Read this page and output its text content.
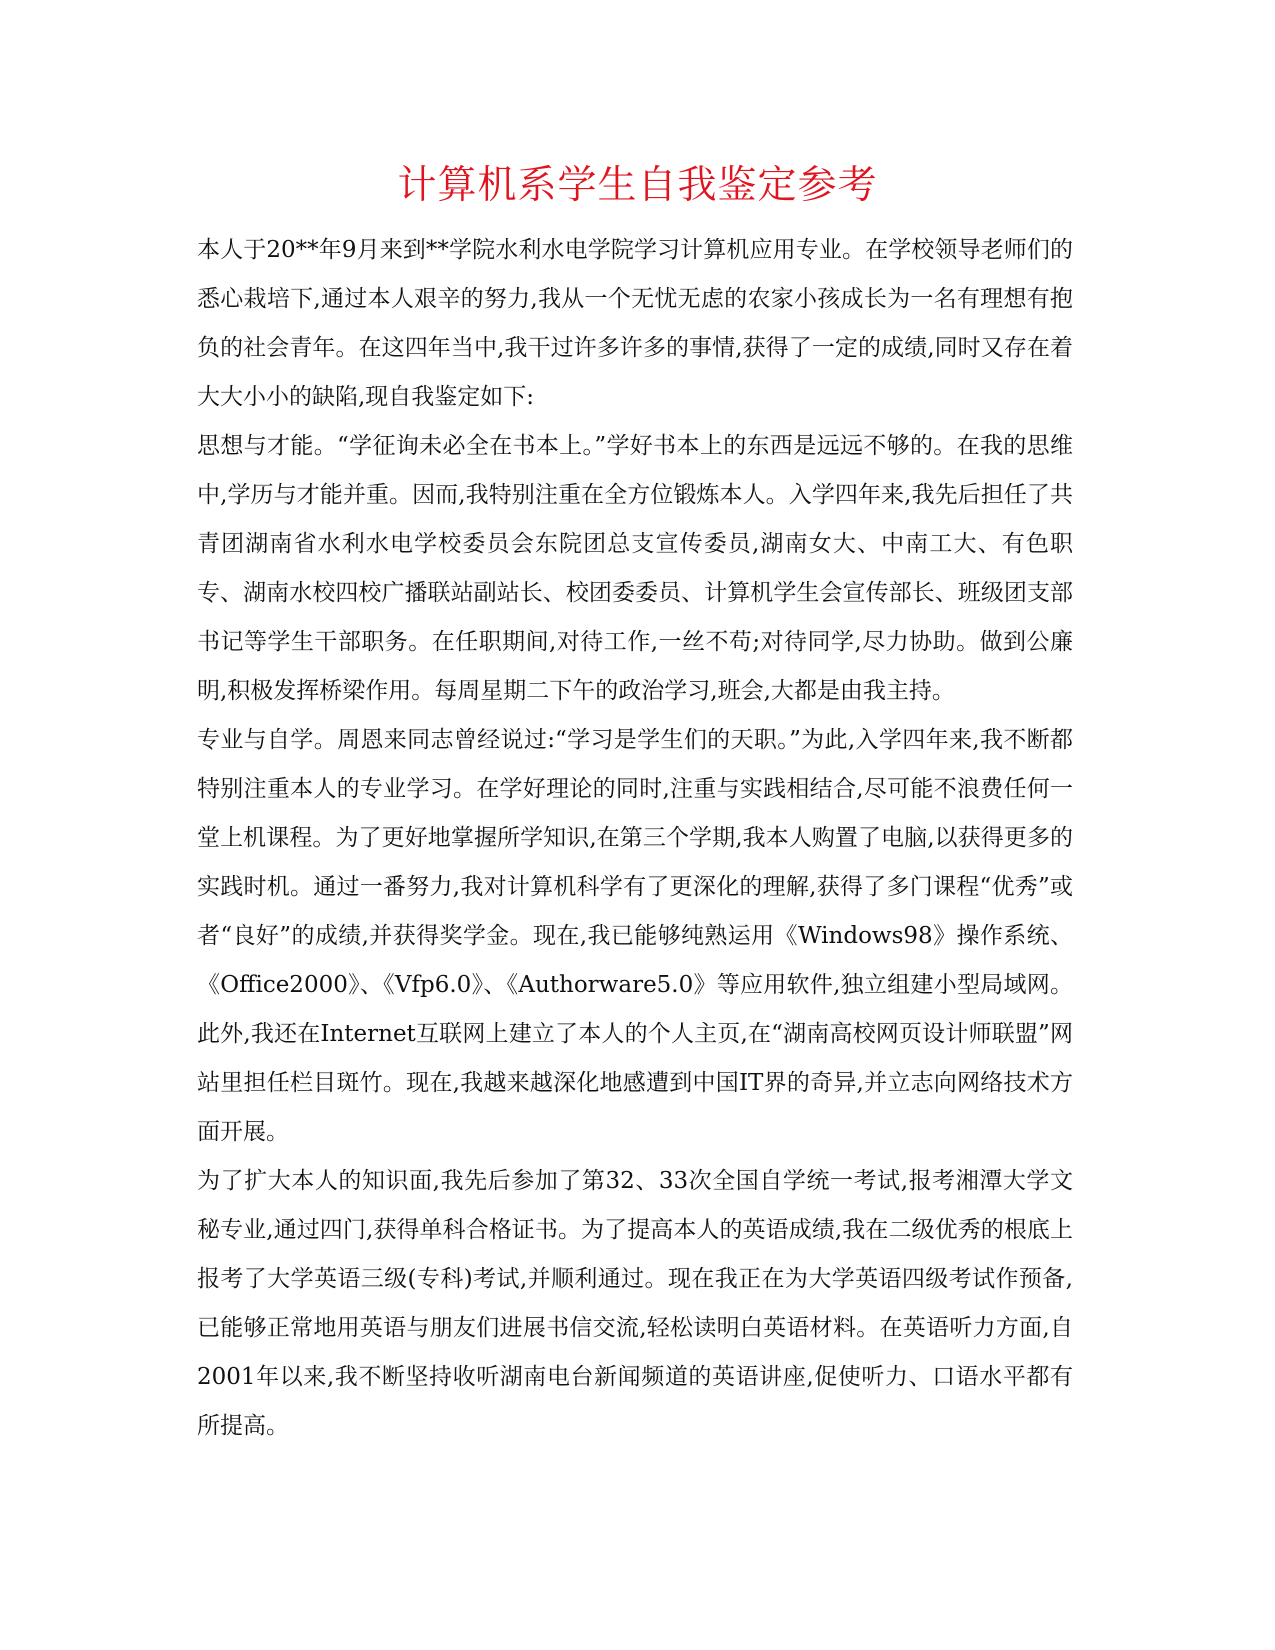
计算机系学生自我鉴定参考

本人于20**年9月来到**学院水利水电学院学习计算机应用专业。在学校领导老师们的悉心栽培下,通过本人艰辛的努力,我从一个无忧无虑的农家小孩成长为一名有理想有抱负的社会青年。在这四年当中,我干过许多许多的事情,获得了一定的成绩,同时又存在着大大小小的缺陷,现自我鉴定如下:

思想与才能。“学征询未必全在书本上。”学好书本上的东西是远远不够的。在我的思维中,学历与才能并重。因而,我特别注重在全方位锻炼本人。入学四年来,我先后担任了共青团湖南省水利水电学校委员会东院团总支宣传委员,湖南女大、中南工大、有色职专、湖南水校四校广播联站副站长、校团委委员、计算机学生会宣传部长、班级团支部书记等学生干部职务。在任职期间,对待工作,一丝不苟;对待同学,尽力协助。做到公廉明,积极发挥桥梁作用。每周星期二下午的政治学习,班会,大都是由我主持。

专业与自学。周恩来同志曾经说过:“学习是学生们的天职。”为此,入学四年来,我不断都特别注重本人的专业学习。在学好理论的同时,注重与实践相结合,尽可能不浪费任何一堂上机课程。为了更好地掌握所学知识,在第三个学期,我本人购置了电脑,以获得更多的实践时机。通过一番努力,我对计算机科学有了更深化的理解,获得了多门课程“优秀”或者“良好”的成绩,并获得奖学金。现在,我已能够纯熟运用《Windows98》操作系统、《Office2000》、《Vfp6.0》、《Authorware5.0》等应用软件,独立组建小型局域网。此外,我还在Internet互联网上建立了本人的个人主页,在“湖南高校网页设计师联盟”网站里担任栏目斑竹。现在,我越来越深化地感遭到中国IT界的奇异,并立志向网络技术方面开展。

为了扩大本人的知识面,我先后参加了第32、33次全国自学统一考试,报考湘潭大学文秘专业,通过四门,获得单科合格证书。为了提高本人的英语成绩,我在二级优秀的根底上报考了大学英语三级(专科)考试,并顺利通过。现在我正在为大学英语四级考试作预备,已能够正常地用英语与朋友们进展书信交流,轻松读明白英语材料。在英语听力方面,自2001年以来,我不断坚持收听湖南电台新闻频道的英语讲座,促使听力、口语水平都有所提高。
